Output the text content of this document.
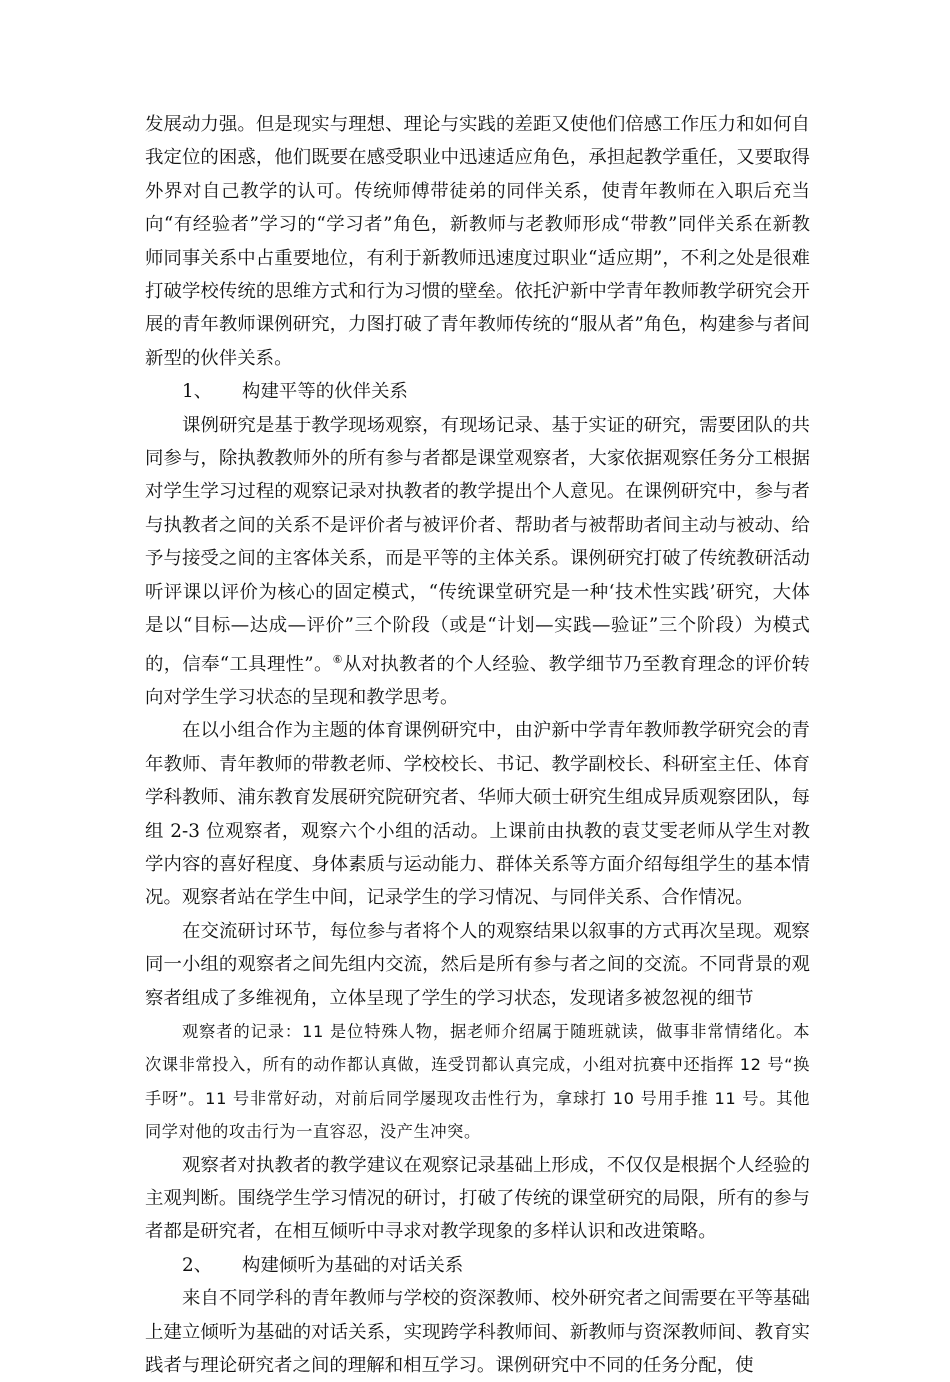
发展动力强。但是现实与理想、理论与实践的差距又使他们倍感工作压力和如何自我定位的困惑，他们既要在感受职业中迅速适应角色，承担起教学重任，又要取得外界对自己教学的认可。传统师傅带徒弟的同伴关系，使青年教师在入职后充当向“有经验者”学习的“学习者”角色，新教师与老教师形成“带教”同伴关系在新教师同事关系中占重要地位，有利于新教师迅速度过职业“适应期”，不利之处是很难打破学校传统的思维方式和行为习惯的壁垒。依托沪新中学青年教师教学研究会开展的青年教师课例研究，力图打破了青年教师传统的“服从者”角色，构建参与者间新型的伙伴关系。

1、 构建平等的伙伴关系

课例研究是基于教学现场观察，有现场记录、基于实证的研究，需要团队的共同参与，除执教教师外的所有参与者都是课堂观察者，大家依据观察任务分工根据对学生学习过程的观察记录对执教者的教学提出个人意见。在课例研究中，参与者与执教者之间的关系不是评价者与被评价者、帮助者与被帮助者间主动与被动、给予与接受之间的主客体关系，而是平等的主体关系。课例研究打破了传统教研活动听评课以评价为核心的固定模式，“传统课堂研究是一种‘技术性实践’研究，大体是以“目标—达成—评价”三个阶段（或是“计划—实践—验证”三个阶段）为模式的，信奉“工具理性”。⑥从对执教者的个人经验、教学细节乃至教育理念的评价转向对学生学习状态的呈现和教学思考。

在以小组合作为主题的体育课例研究中，由沪新中学青年教师教学研究会的青年教师、青年教师的带教老师、学校校长、书记、教学副校长、科研室主任、体育学科教师、浦东教育发展研究院研究者、华师大硕士研究生组成异质观察团队，每组 2-3 位观察者，观察六个小组的活动。上课前由执教的袁艾雯老师从学生对教学内容的喜好程度、身体素质与运动能力、群体关系等方面介绍每组学生的基本情况。观察者站在学生中间，记录学生的学习情况、与同伴关系、合作情况。

在交流研讨环节，每位参与者将个人的观察结果以叙事的方式再次呈现。观察同一小组的观察者之间先组内交流，然后是所有参与者之间的交流。不同背景的观察者组成了多维视角，立体呈现了学生的学习状态，发现诸多被忽视的细节

观察者的记录：11 是位特殊人物，据老师介绍属于随班就读，做事非常情绪化。本次课非常投入，所有的动作都认真做，连受罚都认真完成，小组对抗赛中还指挥 12 号“换手呀”。11 号非常好动，对前后同学屡现攻击性行为，拿球打 10 号用手推 11 号。其他同学对他的攻击行为一直容忍，没产生冲突。

观察者对执教者的教学建议在观察记录基础上形成，不仅仅是根据个人经验的主观判断。围绕学生学习情况的研讨，打破了传统的课堂研究的局限，所有的参与者都是研究者，在相互倾听中寻求对教学现象的多样认识和改进策略。

2、 构建倾听为基础的对话关系

来自不同学科的青年教师与学校的资深教师、校外研究者之间需要在平等基础上建立倾听为基础的对话关系，实现跨学科教师间、新教师与资深教师间、教育实践者与理论研究者之间的理解和相互学习。课例研究中不同的任务分配，使
